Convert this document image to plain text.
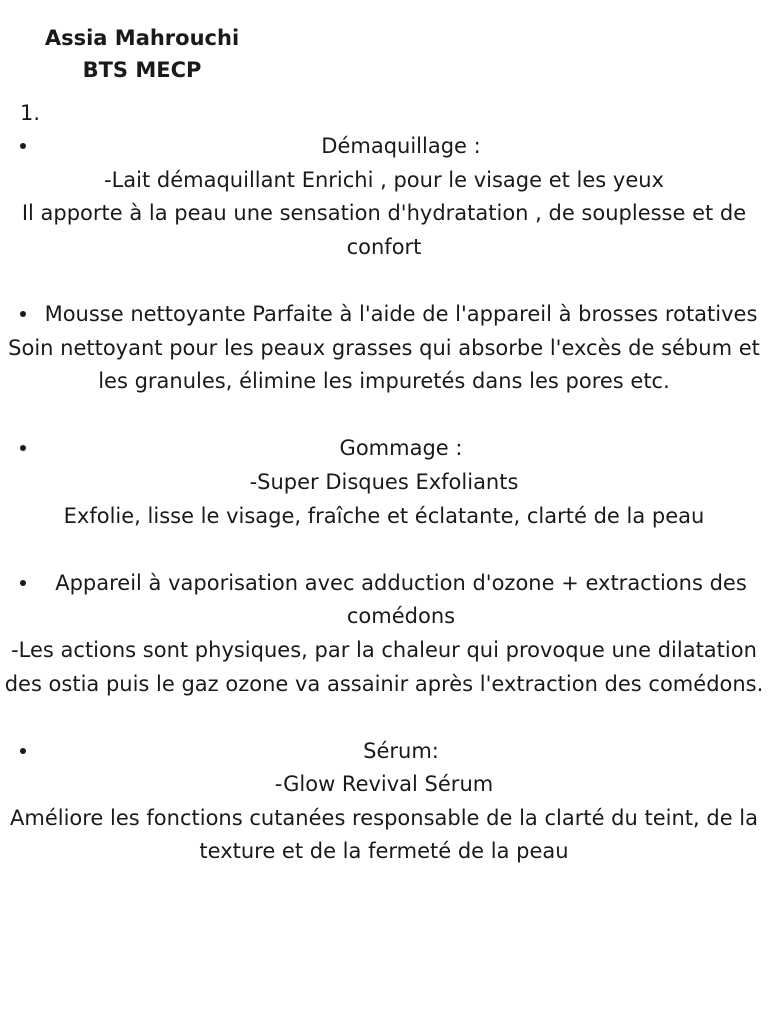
Assia Mahrouchi
BTS MECP
1.
Démaquillage :
-Lait démaquillant Enrichi , pour le visage et les yeux
Il apporte à la peau une sensation d'hydratation , de souplesse et de confort
Mousse nettoyante Parfaite à l'aide de l'appareil à brosses rotatives
Soin nettoyant pour les peaux grasses qui absorbe l'excès de sébum et les granules, élimine les impuretés dans les pores etc.
Gommage :
-Super Disques Exfoliants
Exfolie, lisse le visage, fraîche et éclatante, clarté de la peau
Appareil à vaporisation avec adduction d'ozone + extractions des comédons
-Les actions sont physiques, par la chaleur qui provoque une dilatation des ostia puis le gaz ozone va assainir après l'extraction des comédons.
Sérum:
-Glow Revival Sérum
Améliore les fonctions cutanées responsable de la clarté du teint, de la texture et de la fermeté de la peau
